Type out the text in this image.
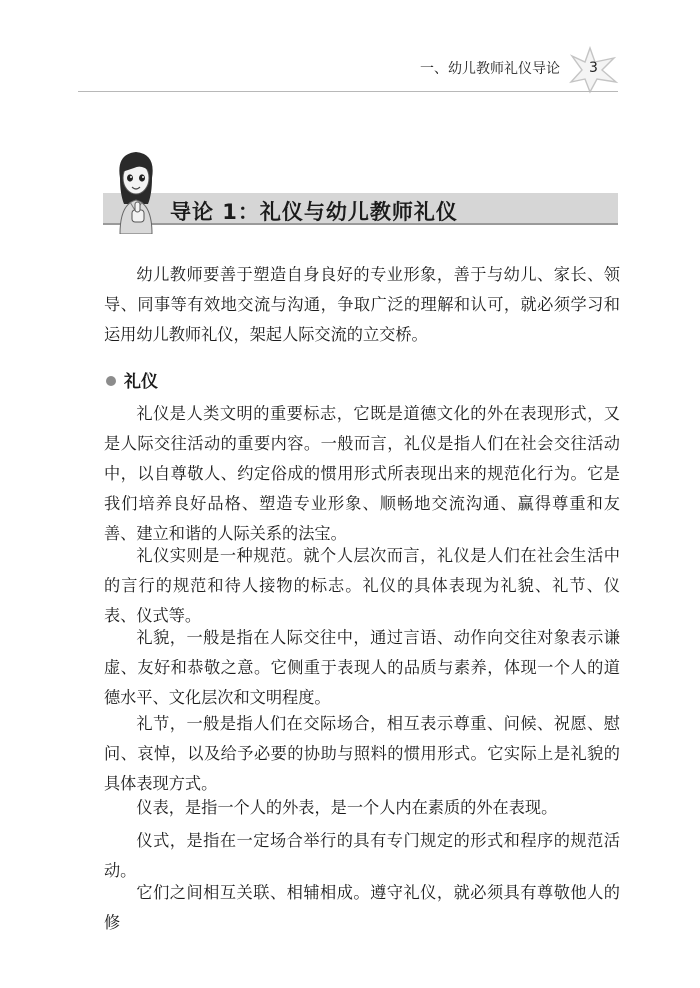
一、幼儿教师礼仪导论 3
导论 1：礼仪与幼儿教师礼仪

幼儿教师要善于塑造自身良好的专业形象，善于与幼儿、家长、领导、同事等有效地交流与沟通，争取广泛的理解和认可，就必须学习和运用幼儿教师礼仪，架起人际交流的立交桥。

礼仪

礼仪是人类文明的重要标志，它既是道德文化的外在表现形式，又是人际交往活动的重要内容。一般而言，礼仪是指人们在社会交往活动中，以自尊敬人、约定俗成的惯用形式所表现出来的规范化行为。它是我们培养良好品格、塑造专业形象、顺畅地交流沟通、赢得尊重和友善、建立和谐的人际关系的法宝。

礼仪实则是一种规范。就个人层次而言，礼仪是人们在社会生活中的言行的规范和待人接物的标志。礼仪的具体表现为礼貌、礼节、仪表、仪式等。

礼貌，一般是指在人际交往中，通过言语、动作向交往对象表示谦虚、友好和恭敬之意。它侧重于表现人的品质与素养，体现一个人的道德水平、文化层次和文明程度。

礼节，一般是指人们在交际场合，相互表示尊重、问候、祝愿、慰问、哀悼，以及给予必要的协助与照料的惯用形式。它实际上是礼貌的具体表现方式。

仪表，是指一个人的外表，是一个人内在素质的外在表现。

仪式，是指在一定场合举行的具有专门规定的形式和程序的规范活动。

它们之间相互关联、相辅相成。遵守礼仪，就必须具有尊敬他人的修
